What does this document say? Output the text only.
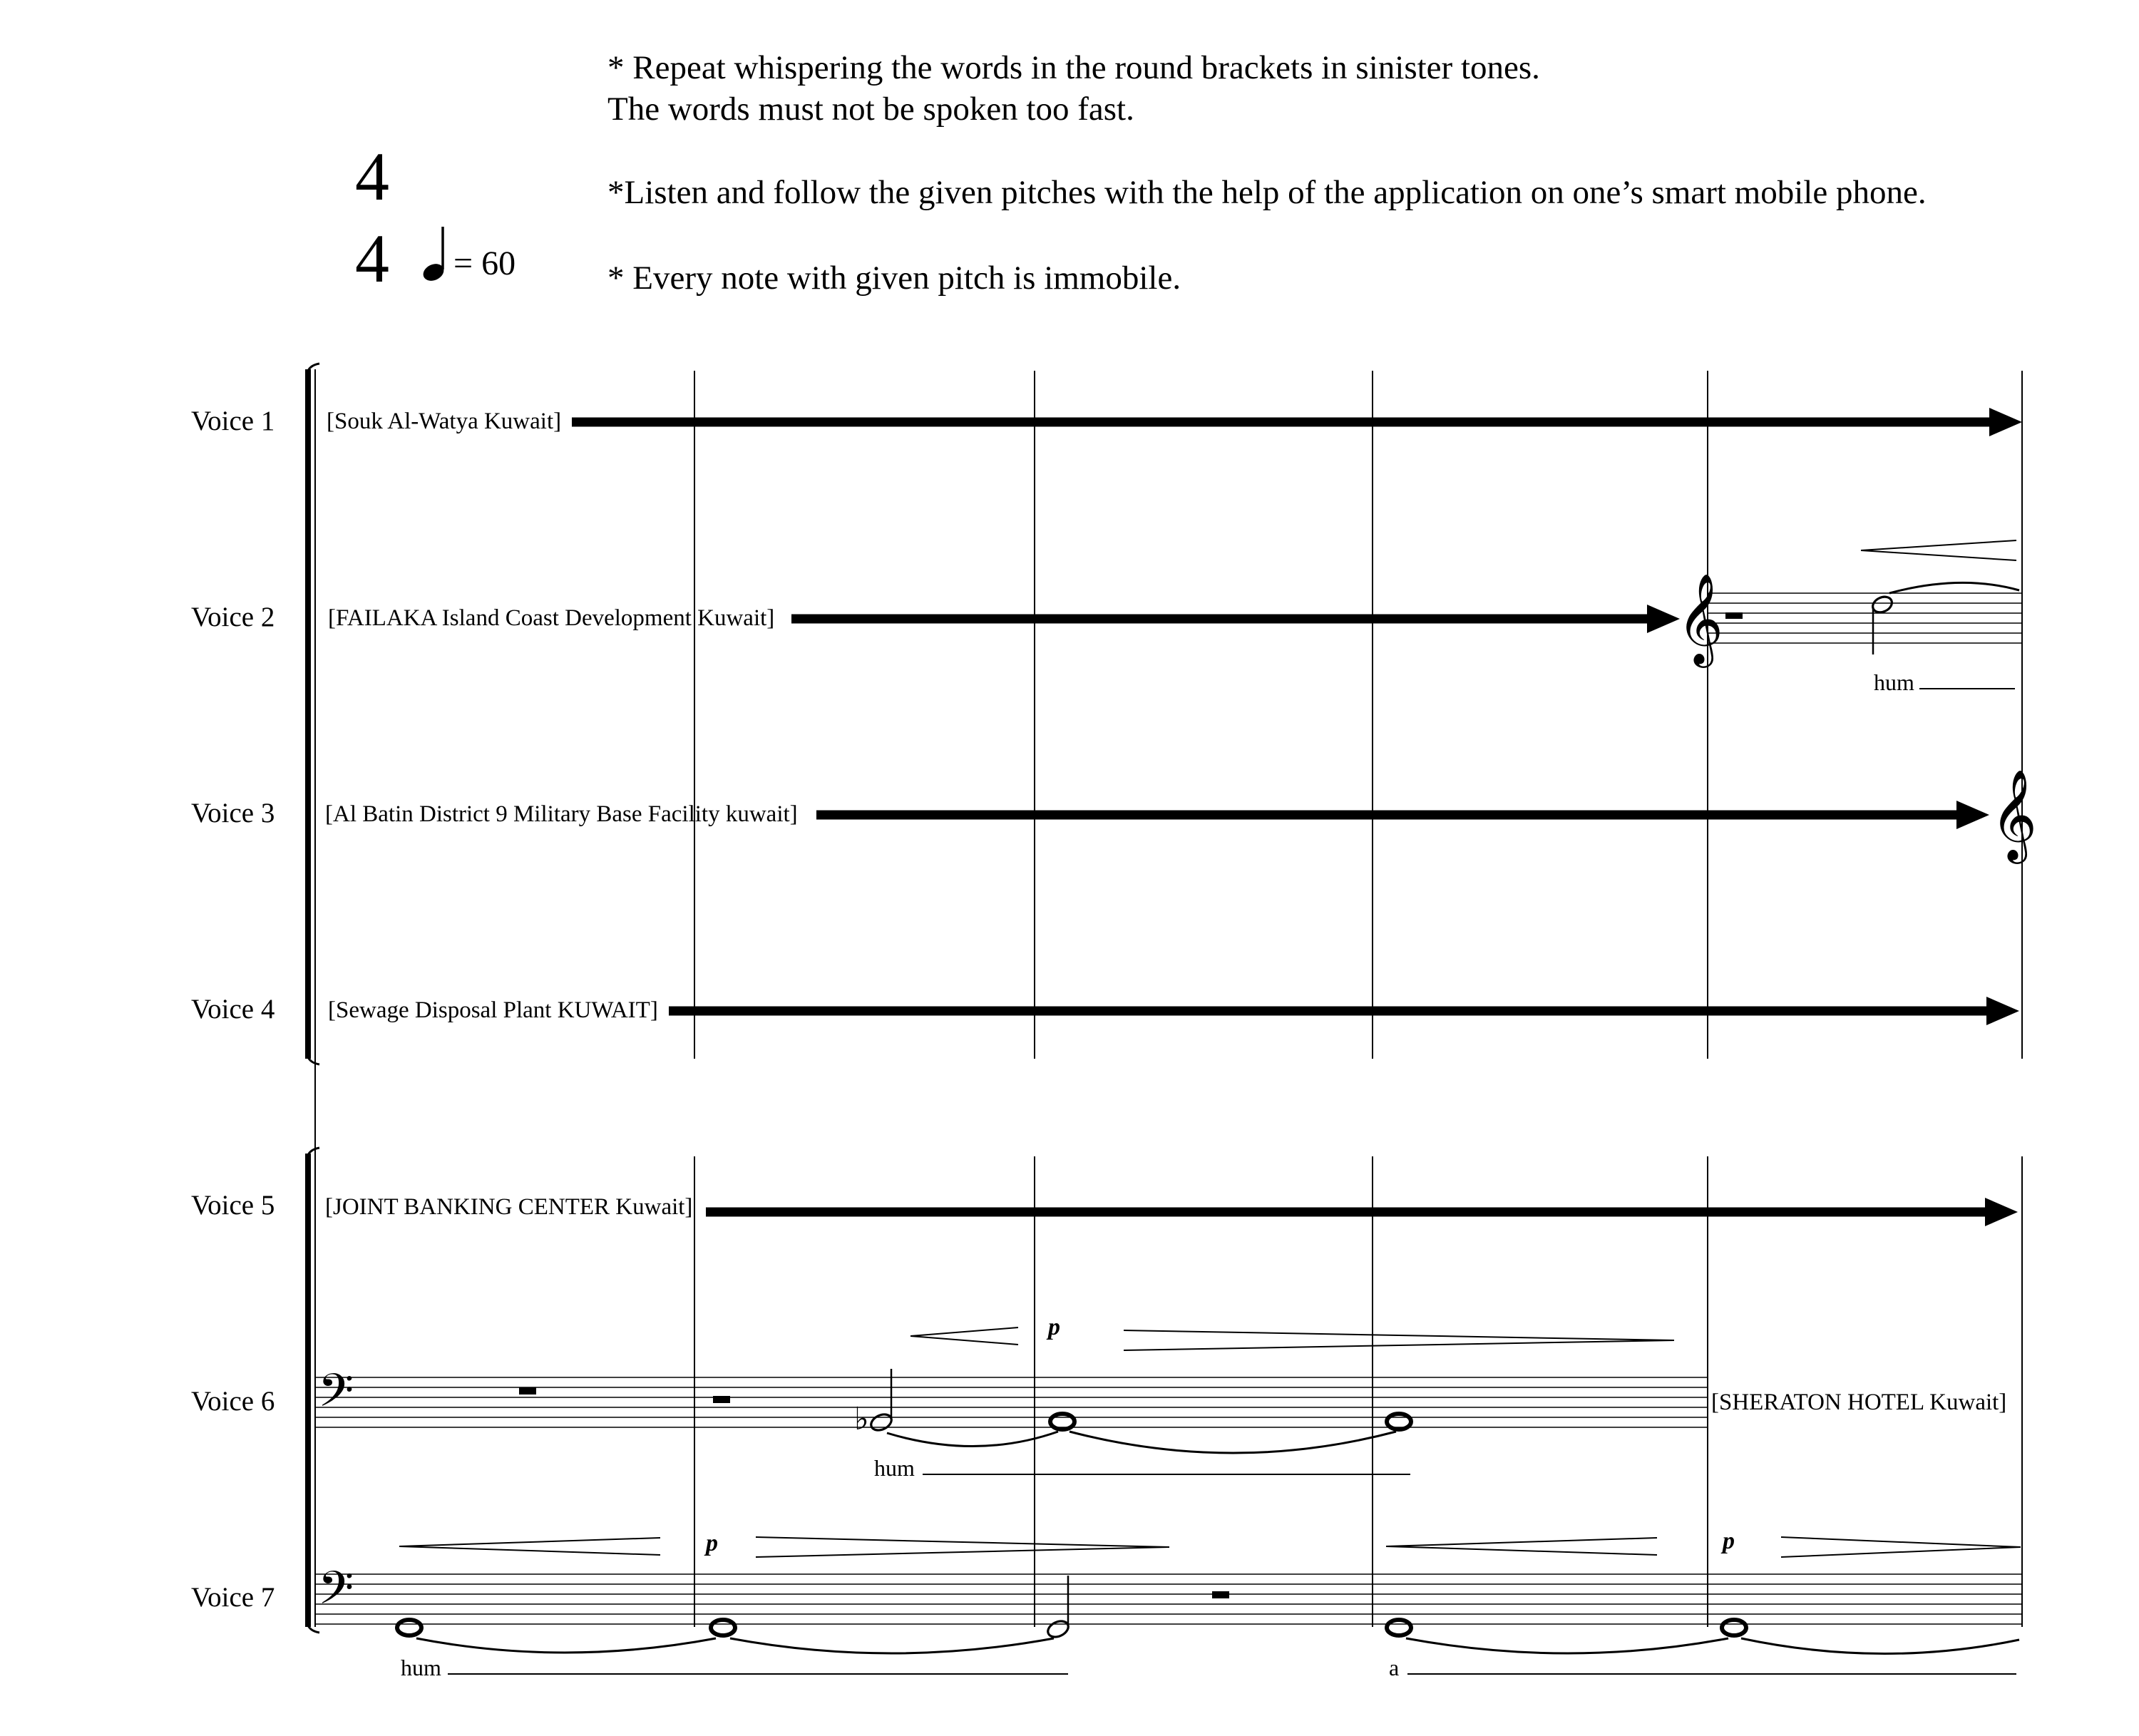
* Repeat whispering the words in the round brackets in sinister tones.
The words must not be spoken too fast.
*Listen and follow the given pitches with the help of the application on one’s smart mobile phone.
* Every note with given pitch is immobile.
4
4 = 60
Voice 1
Voice 2
Voice 3
Voice 4
Voice 5
Voice 6
Voice 7
[Souk Al-Watya Kuwait]
[FAILAKA Island Coast Development Kuwait]	𝄞
hum
[Al Batin District 9 Military Base Facility kuwait]	𝄞
[Sewage Disposal Plant KUWAIT]
[JOINT BANKING CENTER Kuwait]
𝄢	♭
p
hum
[SHERATON HOTEL Kuwait]
𝄢
p	p
hum	a
